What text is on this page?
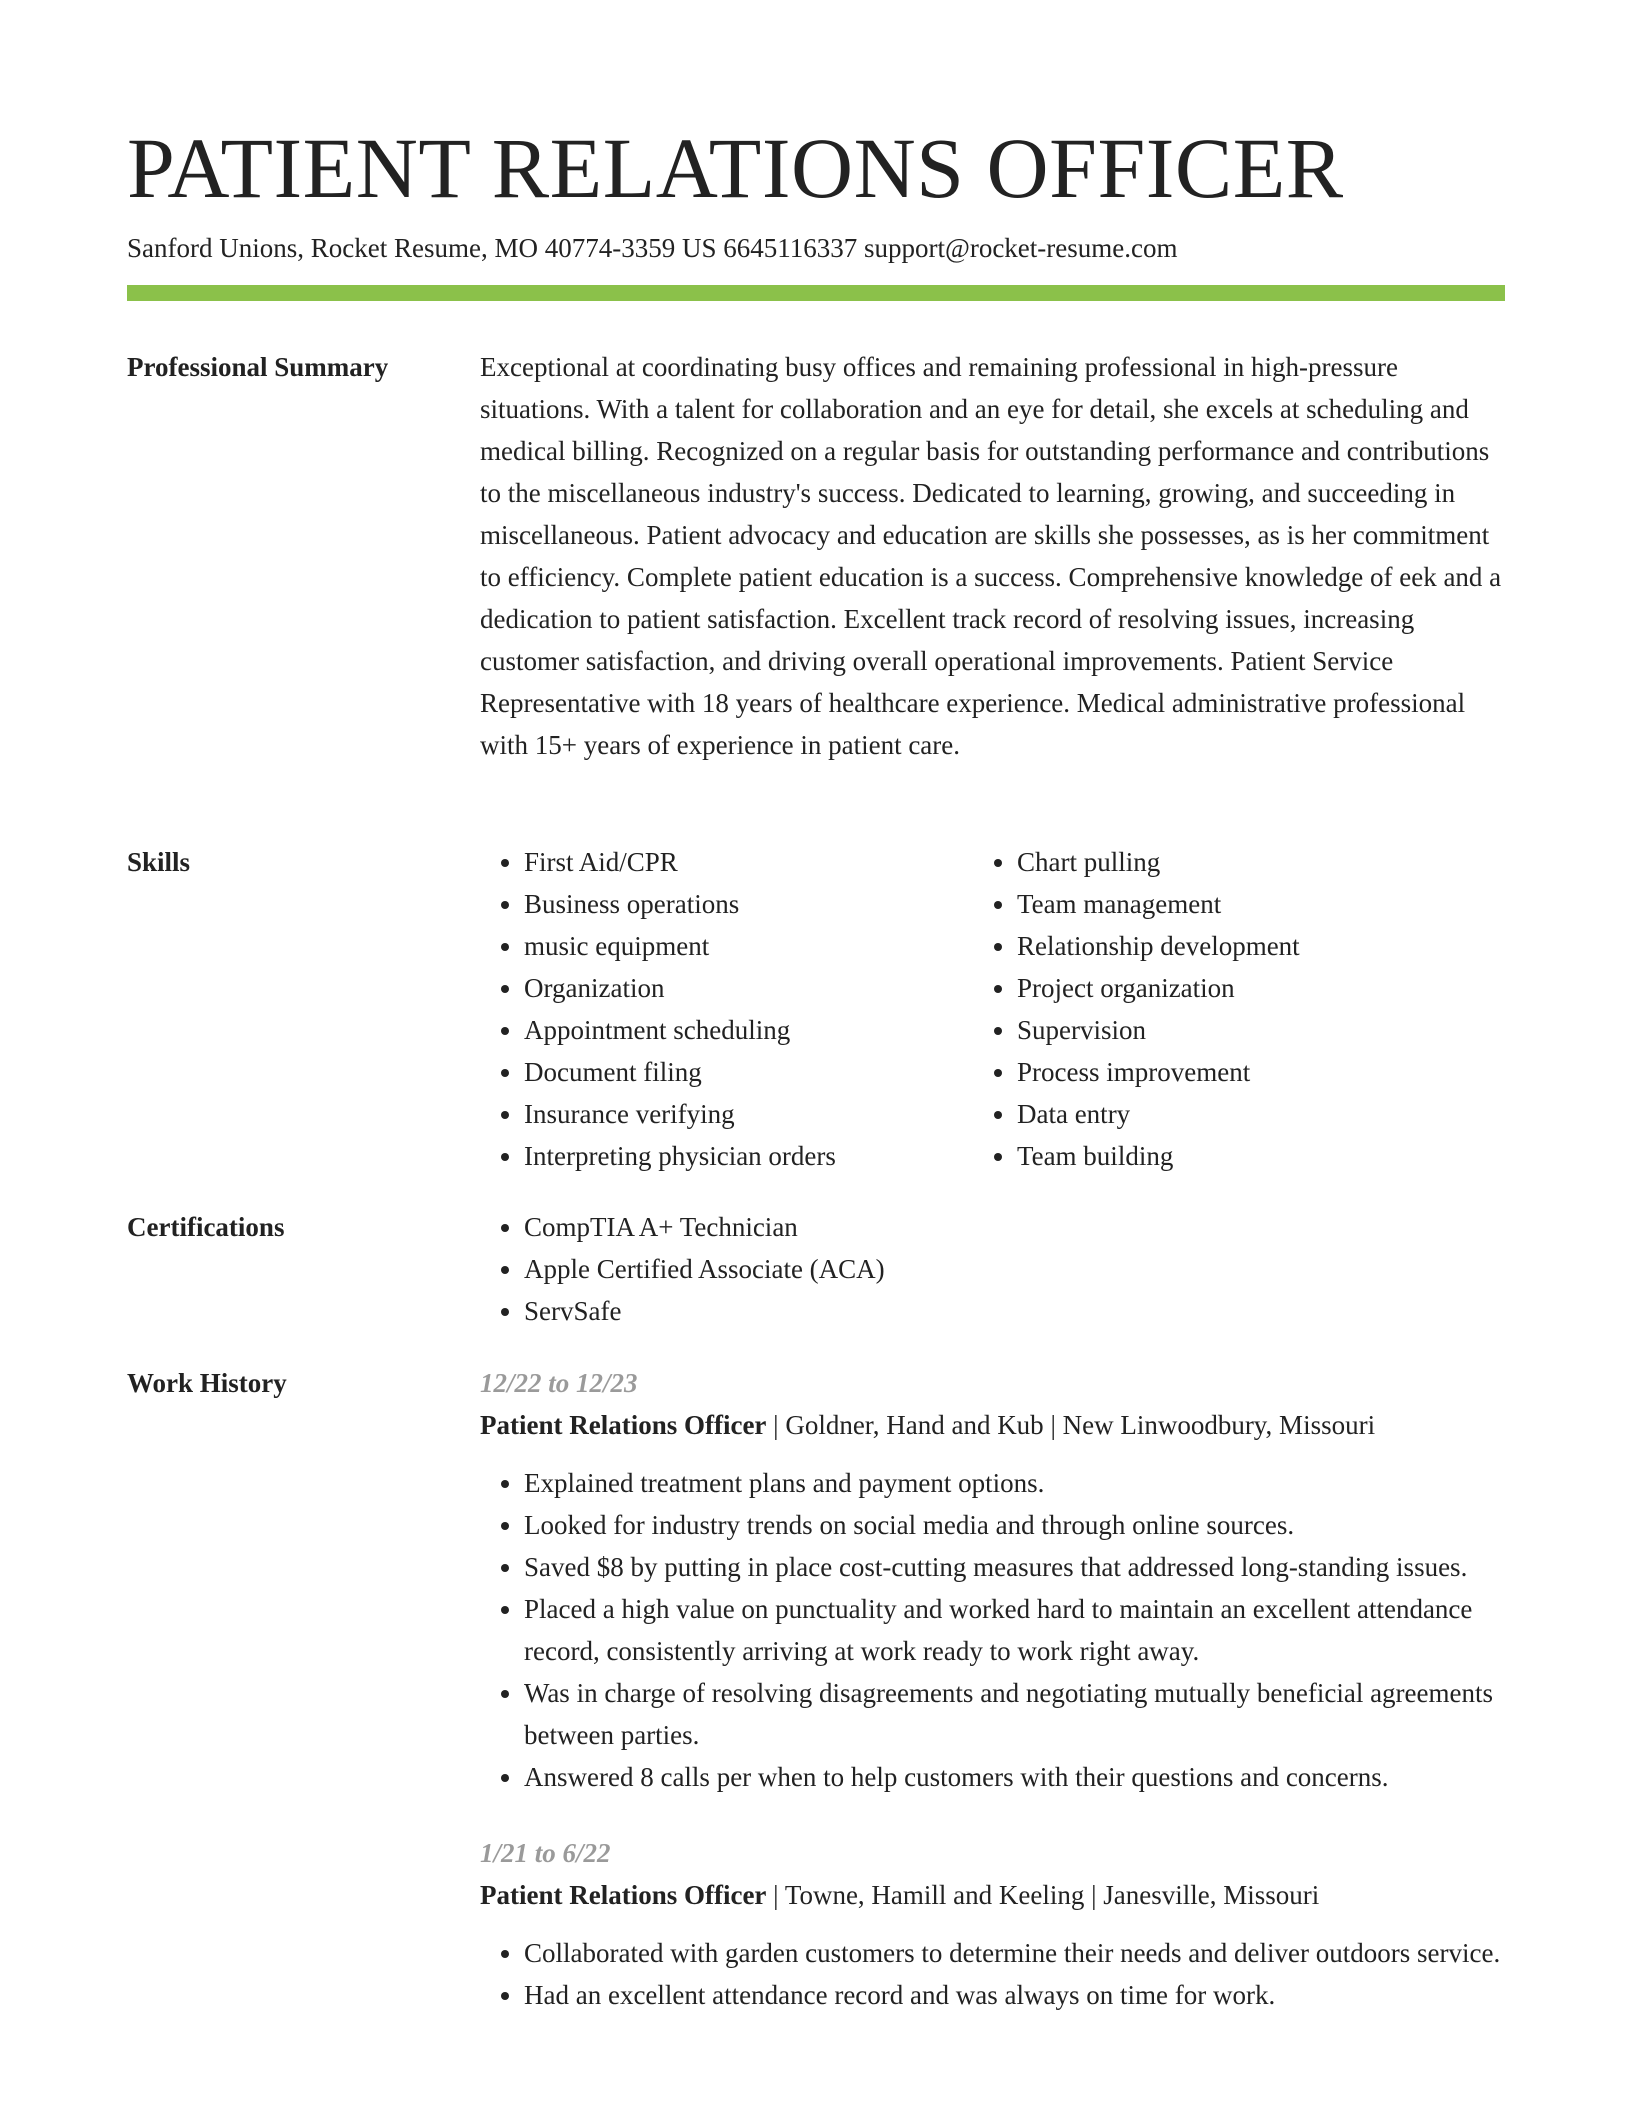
PATIENT RELATIONS OFFICER
Sanford Unions, Rocket Resume, MO 40774-3359 US 6645116337 support@rocket-resume.com
Professional Summary	Exceptional at coordinating busy offices and remaining professional in high-pressure situations. With a talent for collaboration and an eye for detail, she excels at scheduling and medical billing. Recognized on a regular basis for outstanding performance and contributions to the miscellaneous industry's success. Dedicated to learning, growing, and succeeding in miscellaneous. Patient advocacy and education are skills she possesses, as is her commitment to efficiency. Complete patient education is a success. Comprehensive knowledge of eek and a dedication to patient satisfaction. Excellent track record of resolving issues, increasing customer satisfaction, and driving overall operational improvements. Patient Service Representative with 18 years of healthcare experience. Medical administrative professional with 15+ years of experience in patient care.

Skills	• First Aid/CPR
• Business operations
• music equipment
• Organization
• Appointment scheduling
• Document filing
• Insurance verifying
• Interpreting physician orders
• Chart pulling
• Team management
• Relationship development
• Project organization
• Supervision
• Process improvement
• Data entry
• Team building
Certifications	• CompTIA A+ Technician
• Apple Certified Associate (ACA)
• ServSafe
Work History	12/22 to 12/23
Patient Relations Officer | Goldner, Hand and Kub | New Linwoodbury, Missouri
• Explained treatment plans and payment options.
• Looked for industry trends on social media and through online sources.
• Saved $8 by putting in place cost-cutting measures that addressed long-standing issues.
• Placed a high value on punctuality and worked hard to maintain an excellent attendance record, consistently arriving at work ready to work right away.
• Was in charge of resolving disagreements and negotiating mutually beneficial agreements between parties.
• Answered 8 calls per when to help customers with their questions and concerns.
1/21 to 6/22
Patient Relations Officer | Towne, Hamill and Keeling | Janesville, Missouri
• Collaborated with garden customers to determine their needs and deliver outdoors service.
• Had an excellent attendance record and was always on time for work.
